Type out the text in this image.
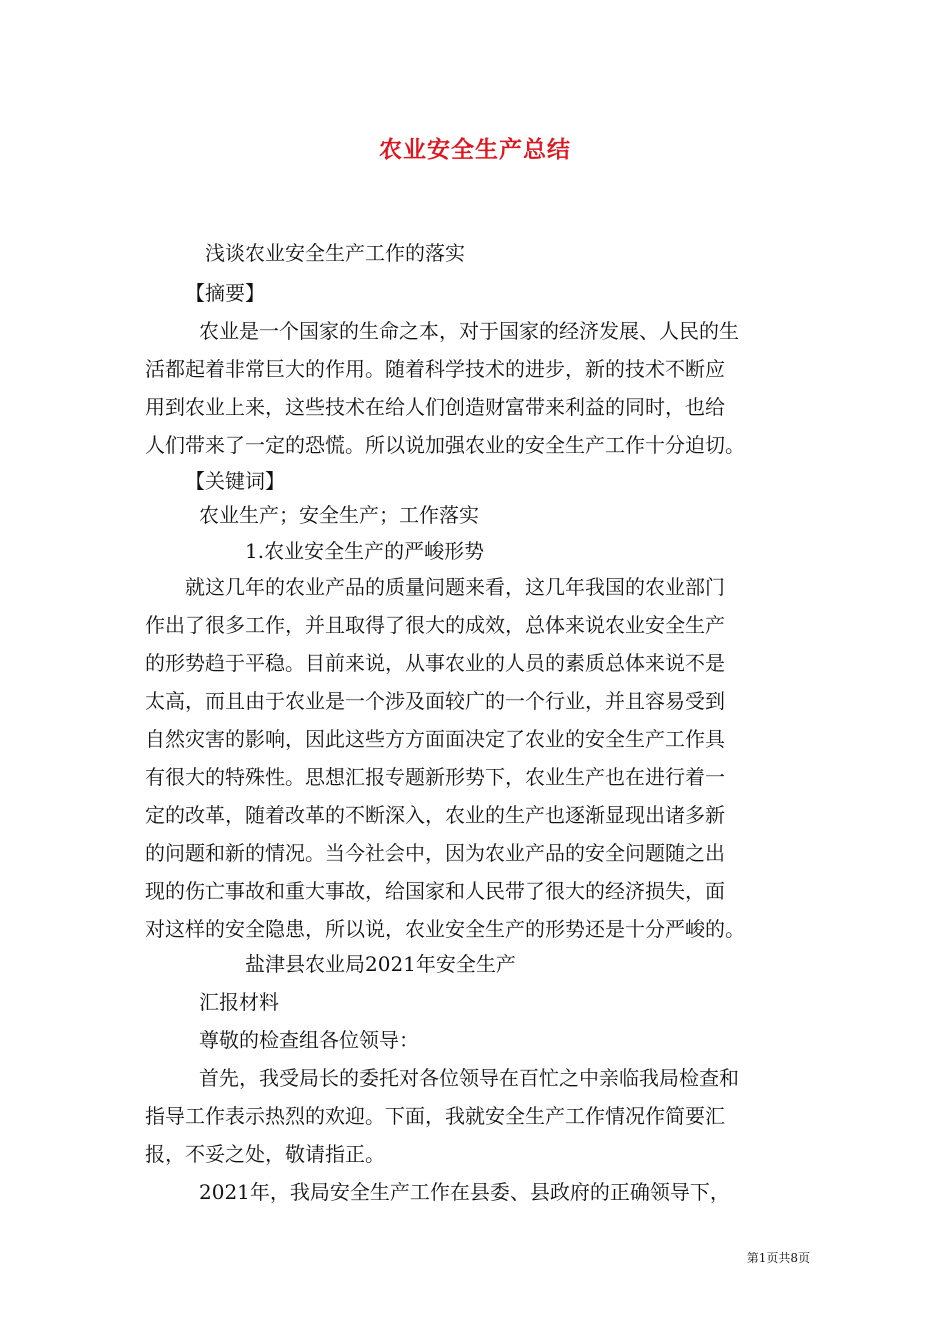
农业安全生产总结
浅谈农业安全生产工作的落实
【摘要】
农业是一个国家的生命之本，对于国家的经济发展、人民的生
活都起着非常巨大的作用。随着科学技术的进步，新的技术不断应
用到农业上来，这些技术在给人们创造财富带来利益的同时，也给
人们带来了一定的恐慌。所以说加强农业的安全生产工作十分迫切。
【关键词】
农业生产；安全生产；工作落实
1.农业安全生产的严峻形势
就这几年的农业产品的质量问题来看，这几年我国的农业部门
作出了很多工作，并且取得了很大的成效，总体来说农业安全生产
的形势趋于平稳。目前来说，从事农业的人员的素质总体来说不是
太高，而且由于农业是一个涉及面较广的一个行业，并且容易受到
自然灾害的影响，因此这些方方面面决定了农业的安全生产工作具
有很大的特殊性。思想汇报专题新形势下，农业生产也在进行着一
定的改革，随着改革的不断深入，农业的生产也逐渐显现出诸多新
的问题和新的情况。当今社会中，因为农业产品的安全问题随之出
现的伤亡事故和重大事故，给国家和人民带了很大的经济损失，面
对这样的安全隐患，所以说，农业安全生产的形势还是十分严峻的。
盐津县农业局2021年安全生产
汇报材料
尊敬的检查组各位领导：
首先，我受局长的委托对各位领导在百忙之中亲临我局检查和
指导工作表示热烈的欢迎。下面，我就安全生产工作情况作简要汇
报，不妥之处，敬请指正。
2021年，我局安全生产工作在县委、县政府的正确领导下，
第1页共8页
